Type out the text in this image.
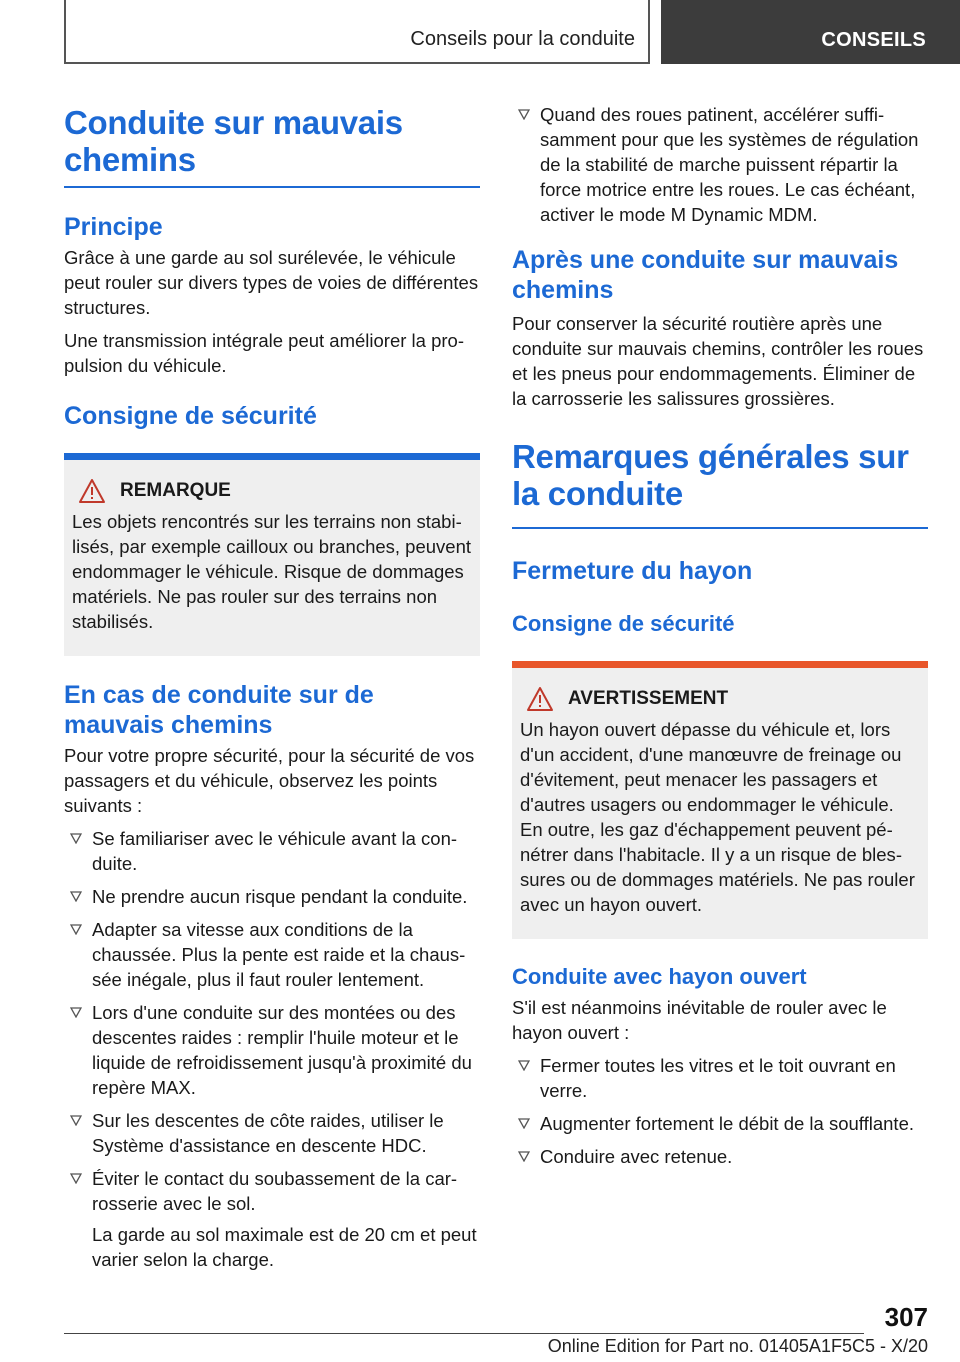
Conseils pour la conduite	CONSEILS
Conduite sur mauvais chemins
Principe
Grâce à une garde au sol surélevée, le véhicule peut rouler sur divers types de voies de différentes structures.
Une transmission intégrale peut améliorer la propulsion du véhicule.
Consigne de sécurité
REMARQUE
Les objets rencontrés sur les terrains non stabilisés, par exemple cailloux ou branches, peuvent endommager le véhicule. Risque de dommages matériels. Ne pas rouler sur des terrains non stabilisés.
En cas de conduite sur de mauvais chemins
Pour votre propre sécurité, pour la sécurité de vos passagers et du véhicule, observez les points suivants :
Se familiariser avec le véhicule avant la conduite.
Ne prendre aucun risque pendant la conduite.
Adapter sa vitesse aux conditions de la chaussée. Plus la pente est raide et la chaussée inégale, plus il faut rouler lentement.
Lors d'une conduite sur des montées ou des descentes raides : remplir l'huile moteur et le liquide de refroidissement jusqu'à proximité du repère MAX.
Sur les descentes de côte raides, utiliser le Système d'assistance en descente HDC.
Éviter le contact du soubassement de la carrosserie avec le sol.
La garde au sol maximale est de 20 cm et peut varier selon la charge.
Quand des roues patinent, accélérer suffisamment pour que les systèmes de régulation de la stabilité de marche puissent répartir la force motrice entre les roues. Le cas échéant, activer le mode M Dynamic MDM.
Après une conduite sur mauvais chemins
Pour conserver la sécurité routière après une conduite sur mauvais chemins, contrôler les roues et les pneus pour endommagements. Éliminer de la carrosserie les salissures grossières.
Remarques générales sur la conduite
Fermeture du hayon
Consigne de sécurité
AVERTISSEMENT
Un hayon ouvert dépasse du véhicule et, lors d'un accident, d'une manœuvre de freinage ou d'évitement, peut menacer les passagers et d'autres usagers ou endommager le véhicule. En outre, les gaz d'échappement peuvent pénétrer dans l'habitacle. Il y a un risque de blessures ou de dommages matériels. Ne pas rouler avec un hayon ouvert.
Conduite avec hayon ouvert
S'il est néanmoins inévitable de rouler avec le hayon ouvert :
Fermer toutes les vitres et le toit ouvrant en verre.
Augmenter fortement le débit de la soufflante.
Conduire avec retenue.
307
Online Edition for Part no. 01405A1F5C5 - X/20
